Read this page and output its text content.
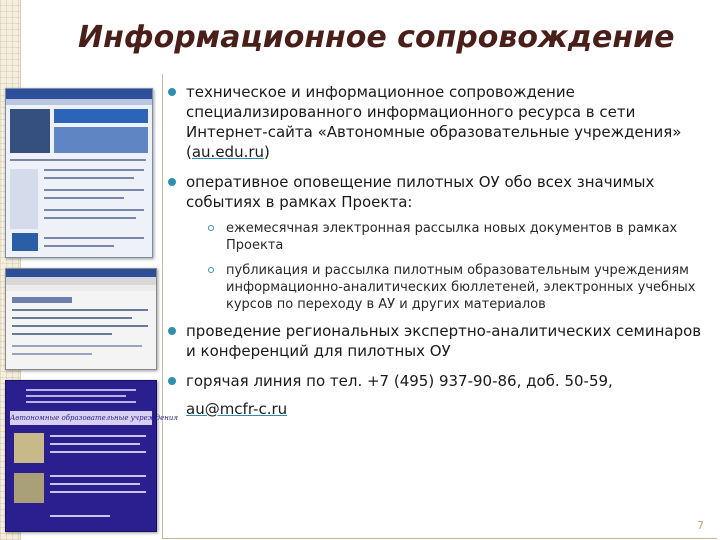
Информационное сопровождение
Автономные образовательные учреждения
техническое и информационное сопровождение специализированного информационного ресурса в сети Интернет-сайта «Автономные образовательные учреждения» (au.edu.ru)
оперативное оповещение пилотных ОУ обо всех значимых событиях в рамках Проекта:
ежемесячная электронная рассылка новых документов в рамках Проекта
публикация и рассылка пилотным образовательным учреждениям информационно-аналитических бюллетеней, электронных учебных курсов по переходу в АУ и других материалов
проведение региональных экспертно-аналитических семинаров и конференций для пилотных ОУ
горячая линия по тел. +7 (495) 937-90-86, доб. 50-59,
au@mcfr-c.ru
7
